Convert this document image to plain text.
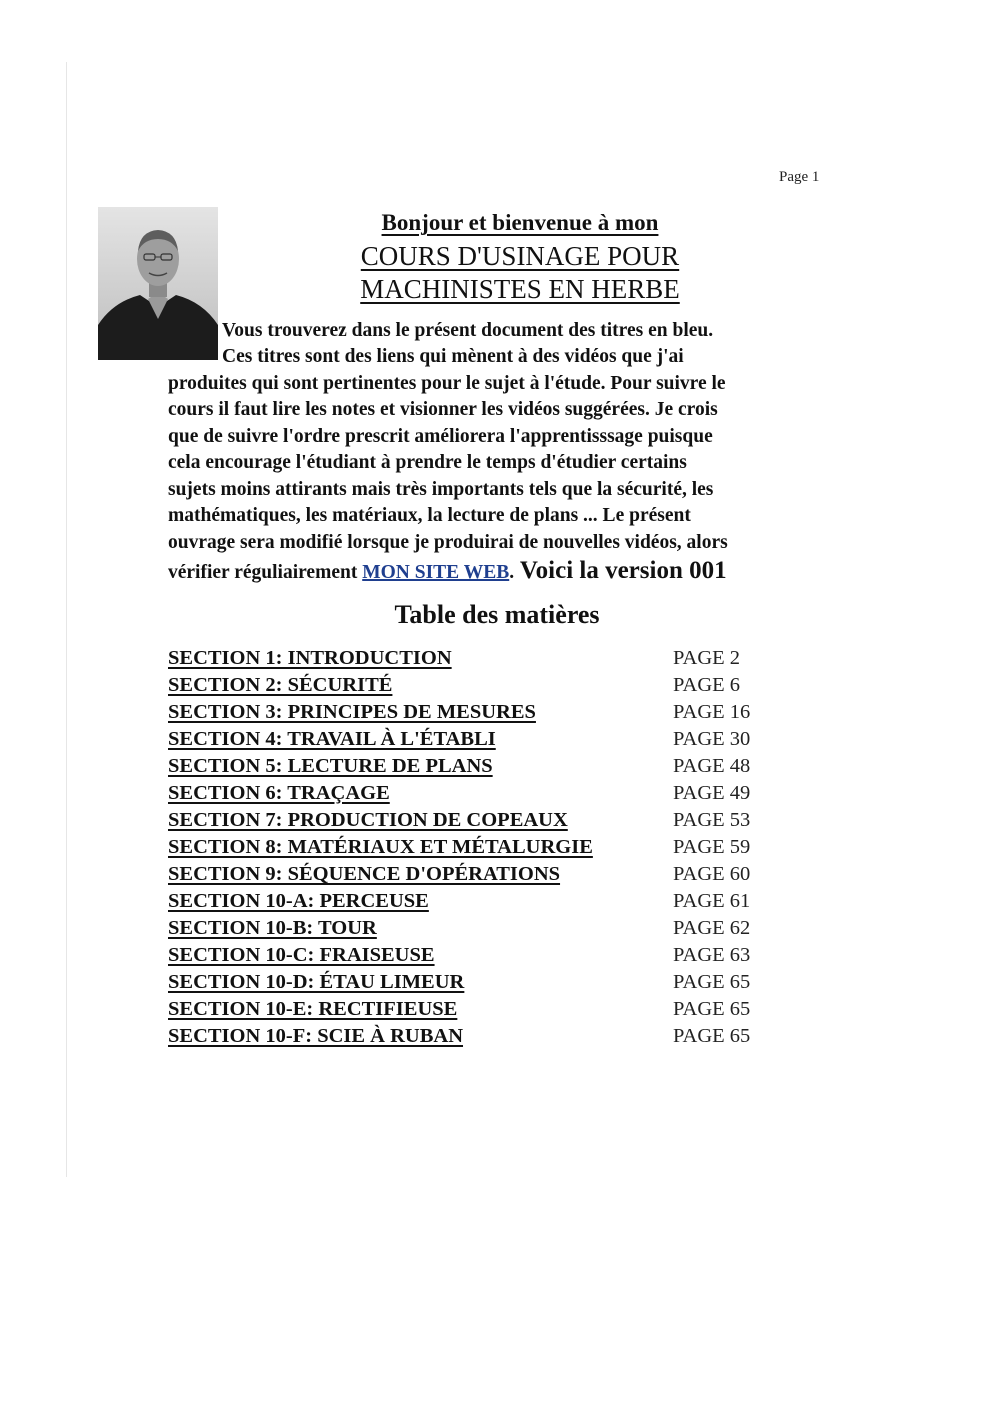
Page 1
Bonjour et bienvenue à mon
COURS D'USINAGE POUR
MACHINISTES EN HERBE
Vous trouverez dans le présent document des titres en bleu.
Ces titres sont des liens qui mènent à des vidéos que j'ai
produites qui sont pertinentes pour le sujet à l'étude. Pour suivre le
cours il faut lire les notes et visionner les vidéos suggérées. Je crois
que de suivre l'ordre prescrit améliorera l'apprentisssage puisque
cela encourage l'étudiant à prendre le temps d'étudier certains
sujets moins attirants mais très importants tels que la sécurité, les
mathématiques, les matériaux, la lecture de plans ... Le présent
ouvrage sera modifié lorsque je produirai de nouvelles vidéos, alors
vérifier réguliairement MON SITE WEB. Voici la version 001
Table des matières
SECTION 1: INTRODUCTION	PAGE 2
SECTION 2: SÉCURITÉ	PAGE 6
SECTION 3: PRINCIPES DE MESURES	PAGE 16
SECTION 4: TRAVAIL À L'ÉTABLI	PAGE 30
SECTION 5: LECTURE DE PLANS	PAGE 48
SECTION 6: TRAÇAGE	PAGE 49
SECTION 7: PRODUCTION DE COPEAUX	PAGE 53
SECTION 8: MATÉRIAUX ET MÉTALURGIE	PAGE 59
SECTION 9: SÉQUENCE D'OPÉRATIONS	PAGE 60
SECTION 10-A: PERCEUSE	PAGE 61
SECTION 10-B: TOUR	PAGE 62
SECTION 10-C: FRAISEUSE	PAGE 63
SECTION 10-D: ÉTAU LIMEUR	PAGE 65
SECTION 10-E: RECTIFIEUSE	PAGE 65
SECTION 10-F: SCIE À RUBAN	PAGE 65
